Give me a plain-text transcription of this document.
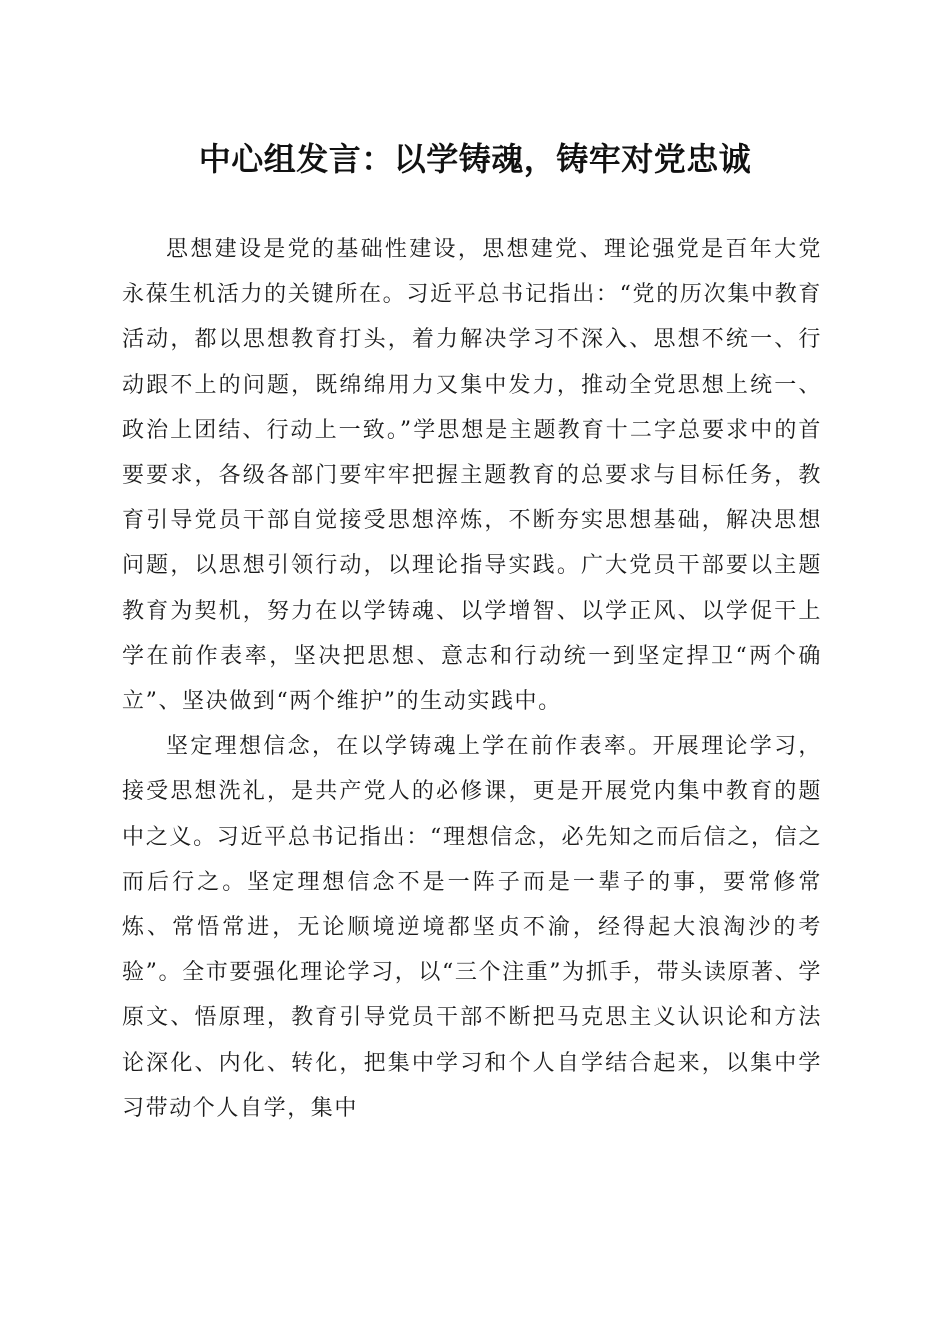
中心组发言：以学铸魂，铸牢对党忠诚

思想建设是党的基础性建设，思想建党、理论强党是百年大党永葆生机活力的关键所在。习近平总书记指出：“党的历次集中教育活动，都以思想教育打头，着力解决学习不深入、思想不统一、行动跟不上的问题，既绵绵用力又集中发力，推动全党思想上统一、政治上团结、行动上一致。”学思想是主题教育十二字总要求中的首要要求，各级各部门要牢牢把握主题教育的总要求与目标任务，教育引导党员干部自觉接受思想淬炼，不断夯实思想基础，解决思想问题，以思想引领行动，以理论指导实践。广大党员干部要以主题教育为契机，努力在以学铸魂、以学增智、以学正风、以学促干上学在前作表率，坚决把思想、意志和行动统一到坚定捍卫“两个确立”、坚决做到“两个维护”的生动实践中。

坚定理想信念，在以学铸魂上学在前作表率。开展理论学习，接受思想洗礼，是共产党人的必修课，更是开展党内集中教育的题中之义。习近平总书记指出：“理想信念，必先知之而后信之，信之而后行之。坚定理想信念不是一阵子而是一辈子的事，要常修常炼、常悟常进，无论顺境逆境都坚贞不渝，经得起大浪淘沙的考验”。全市要强化理论学习，以“三个注重”为抓手，带头读原著、学原文、悟原理，教育引导党员干部不断把马克思主义认识论和方法论深化、内化、转化，把集中学习和个人自学结合起来，以集中学习带动个人自学，集中
